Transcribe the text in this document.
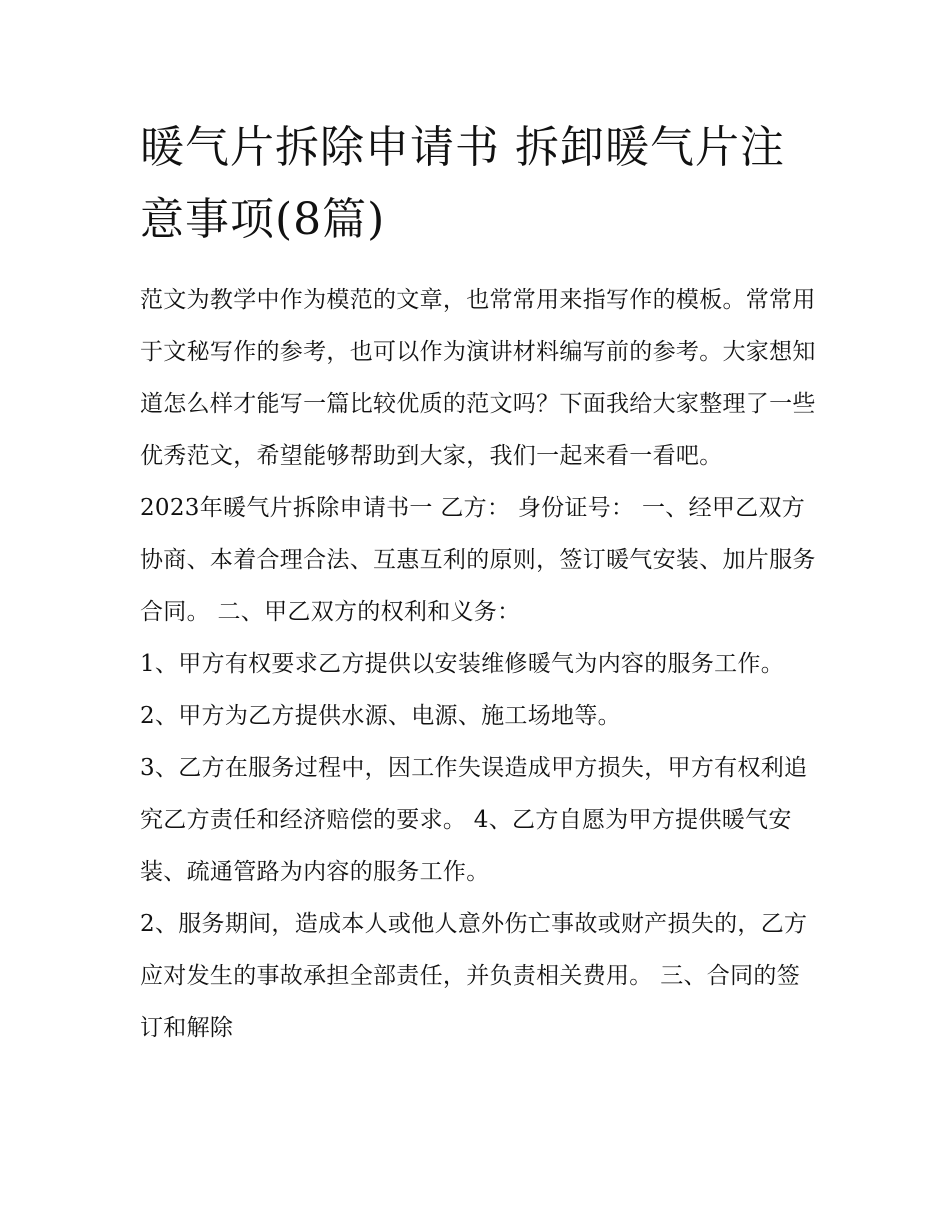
暖气片拆除申请书 拆卸暖气片注意事项(8篇)

范文为教学中作为模范的文章，也常常用来指写作的模板。常常用于文秘写作的参考，也可以作为演讲材料编写前的参考。大家想知道怎么样才能写一篇比较优质的范文吗？下面我给大家整理了一些优秀范文，希望能够帮助到大家，我们一起来看一看吧。

2023年暖气片拆除申请书一 乙方： 身份证号： 一、经甲乙双方协商、本着合理合法、互惠互利的原则，签订暖气安装、加片服务合同。 二、甲乙双方的权利和义务：

1、甲方有权要求乙方提供以安装维修暖气为内容的服务工作。 2、甲方为乙方提供水源、电源、施工场地等。

3、乙方在服务过程中，因工作失误造成甲方损失，甲方有权利追究乙方责任和经济赔偿的要求。 4、乙方自愿为甲方提供暖气安装、疏通管路为内容的服务工作。

2、服务期间，造成本人或他人意外伤亡事故或财产损失的，乙方应对发生的事故承担全部责任，并负责相关费用。 三、合同的签订和解除
